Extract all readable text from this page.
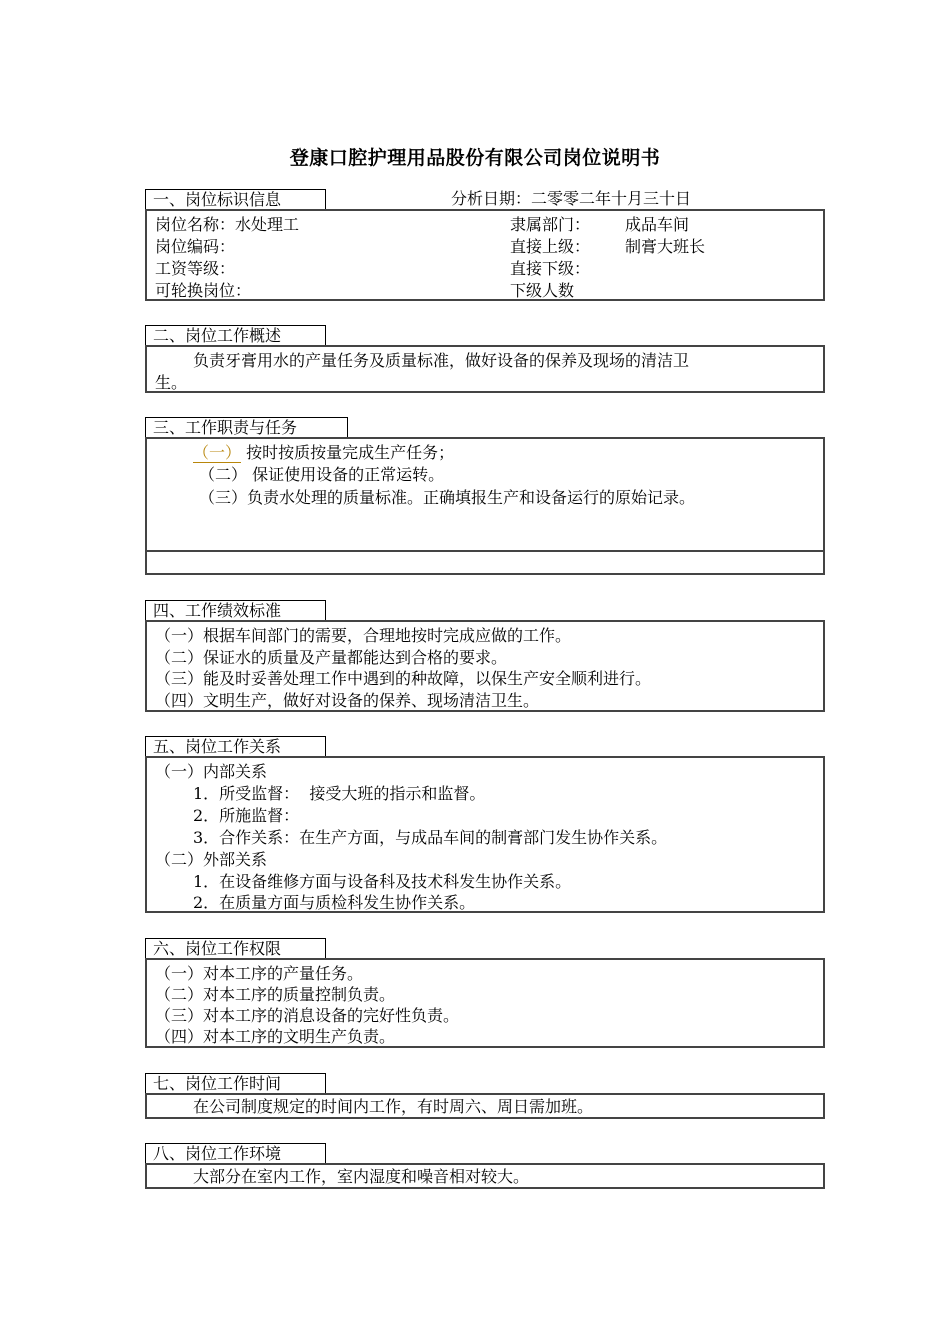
登康口腔护理用品股份有限公司岗位说明书
一、岗位标识信息	分析日期：二零零二年十月三十日
岗位名称：水处理工	隶属部门： 成品车间
岗位编码：	直接上级： 制膏大班长
工资等级：	直接下级：
可轮换岗位：	下级人数
二、岗位工作概述
负责牙膏用水的产量任务及质量标准，做好设备的保养及现场的清洁卫
生。
三、工作职责与任务
（一） 按时按质按量完成生产任务；
（二） 保证使用设备的正常运转。
（三）负责水处理的质量标准。正确填报生产和设备运行的原始记录。
四、工作绩效标准
（一）根据车间部门的需要，合理地按时完成应做的工作。
（二）保证水的质量及产量都能达到合格的要求。
（三）能及时妥善处理工作中遇到的种故障，以保生产安全顺利进行。
（四）文明生产，做好对设备的保养、现场清洁卫生。
五、岗位工作关系
（一）内部关系
1．所受监督：  接受大班的指示和监督。
2．所施监督：
3．合作关系：在生产方面，与成品车间的制膏部门发生协作关系。
（二）外部关系
1．在设备维修方面与设备科及技术科发生协作关系。
2．在质量方面与质检科发生协作关系。
六、岗位工作权限
（一）对本工序的产量任务。
（二）对本工序的质量控制负责。
（三）对本工序的消息设备的完好性负责。
（四）对本工序的文明生产负责。
七、岗位工作时间
在公司制度规定的时间内工作，有时周六、周日需加班。
八、岗位工作环境
大部分在室内工作，室内湿度和噪音相对较大。
